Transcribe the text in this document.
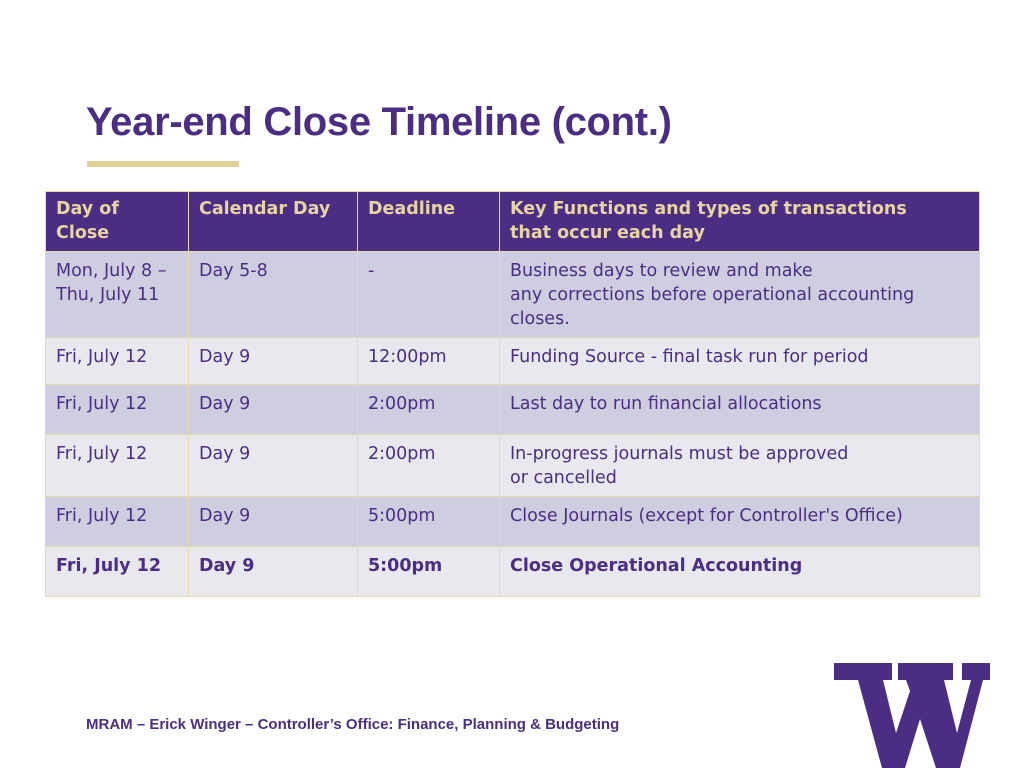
Year-end Close Timeline (cont.)
Day of Close	Calendar Day	Deadline	Key Functions and types of transactions
that occur each day
Mon, July 8 –
Thu, July 11	Day 5-8	-	Business days to review and make
any corrections before operational accounting closes.
Fri, July 12	Day 9	12:00pm	Funding Source - final task run for period
Fri, July 12	Day 9	2:00pm	Last day to run financial allocations
Fri, July 12	Day 9	2:00pm	In-progress journals must be approved
or cancelled
Fri, July 12	Day 9	5:00pm	Close Journals (except for Controller's Office)
Fri, July 12	Day 9	5:00pm	Close Operational Accounting
MRAM – Erick Winger – Controller’s Office: Finance, Planning & Budgeting
